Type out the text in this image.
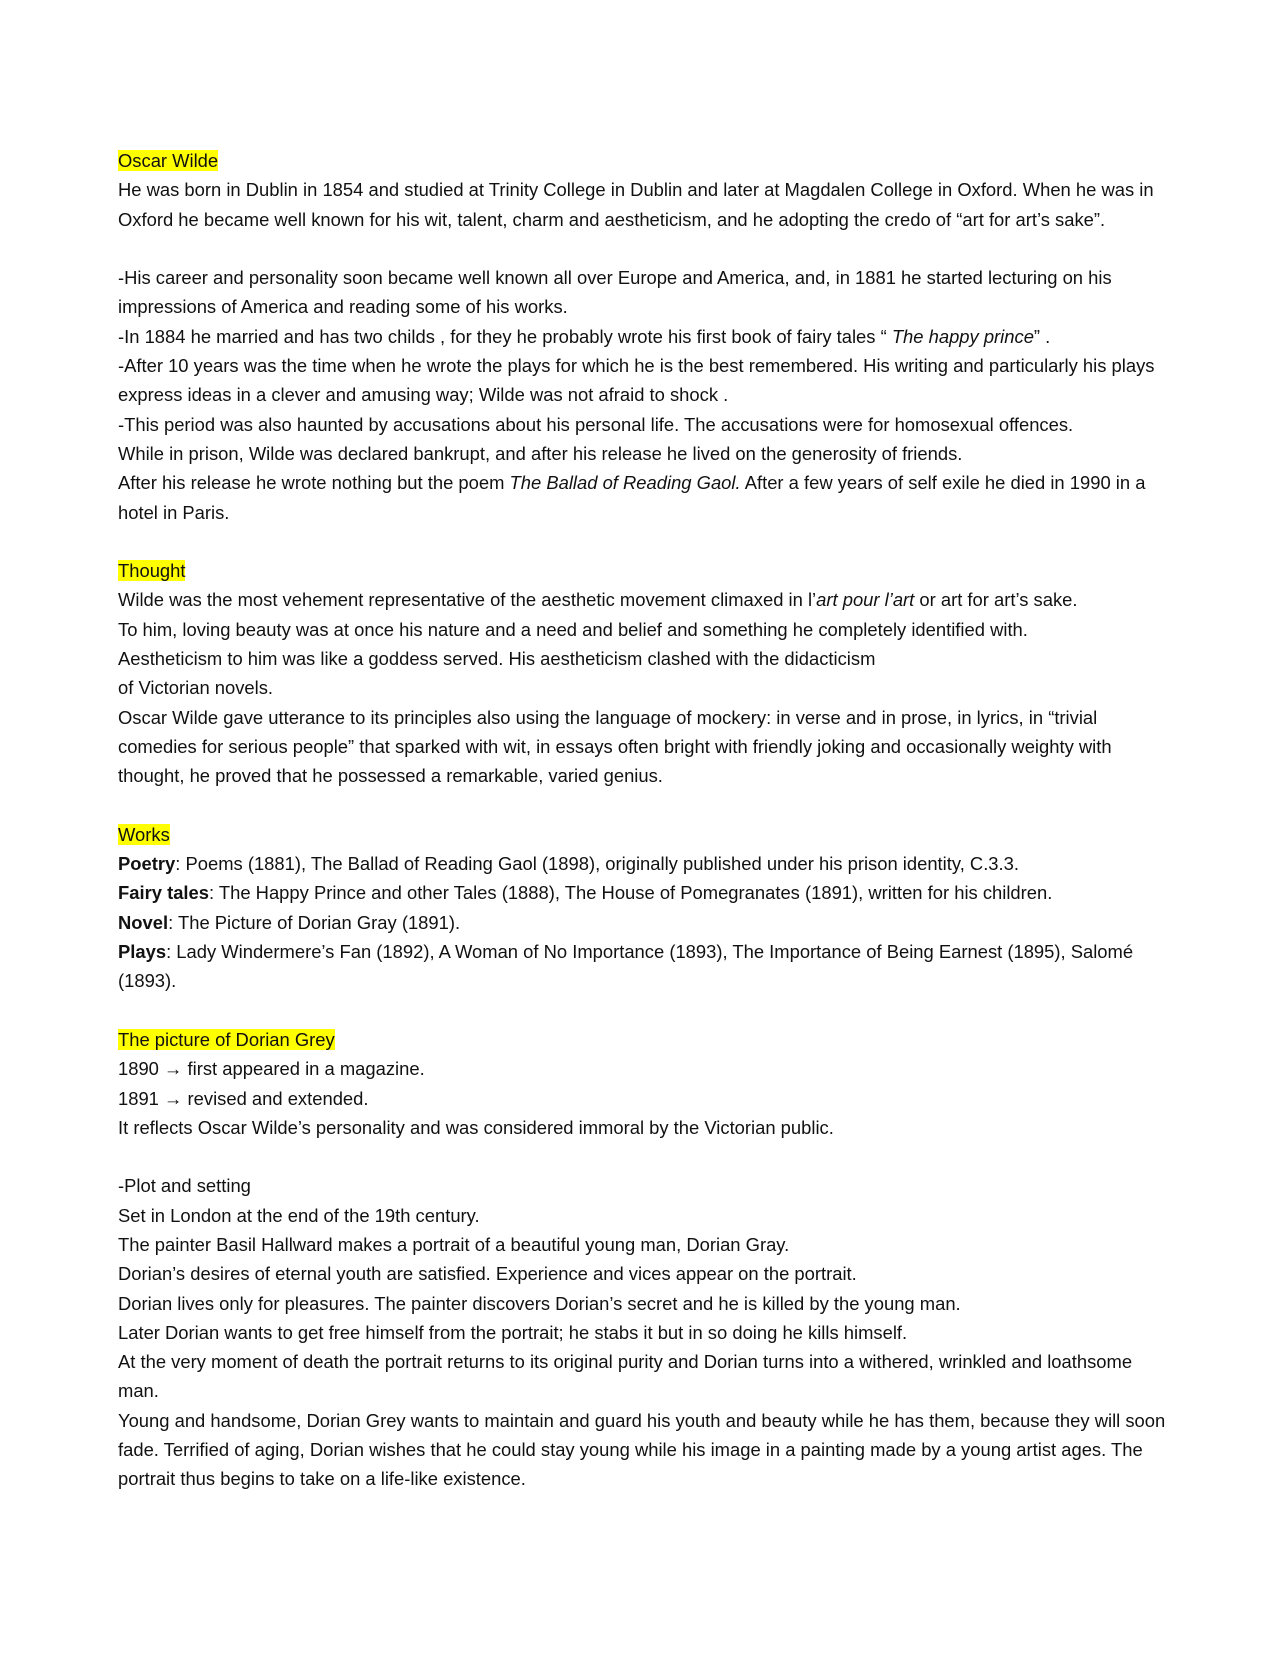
Oscar Wilde

He was born in Dublin in 1854 and studied at Trinity College in Dublin and later at Magdalen College in Oxford. When he was in Oxford he became well known for his wit, talent, charm and aestheticism, and he adopting the credo of “art for art’s sake”.

-His career and personality soon became well known all over Europe and America, and, in 1881 he started lecturing on his impressions of America and reading some of his works.

-In 1884 he married and has two childs , for they he probably wrote his first book of fairy tales “ The happy prince” .

-After 10 years was the time when he wrote the plays for which he is the best remembered. His writing and particularly his plays express ideas in a clever and amusing way; Wilde was not afraid to shock .

-This period was also haunted by accusations about his personal life. The accusations were for homosexual offences.

While in prison, Wilde was declared bankrupt, and after his release he lived on the generosity of friends.

After his release he wrote nothing but the poem The Ballad of Reading Gaol. After a few years of self exile he died in 1990 in a hotel in Paris.

Thought

Wilde was the most vehement representative of the aesthetic movement climaxed in l’art pour l’art or art for art’s sake.

To him, loving beauty was at once his nature and a need and belief and something he completely identified with.

Aestheticism to him was like a goddess served. His aestheticism clashed with the didacticism

of Victorian novels.

Oscar Wilde gave utterance to its principles also using the language of mockery: in verse and in prose, in lyrics, in “trivial comedies for serious people” that sparked with wit, in essays often bright with friendly joking and occasionally weighty with thought, he proved that he possessed a remarkable, varied genius.

Works

Poetry: Poems (1881), The Ballad of Reading Gaol (1898), originally published under his prison identity, C.3.3.

Fairy tales: The Happy Prince and other Tales (1888), The House of Pomegranates (1891), written for his children.

Novel: The Picture of Dorian Gray (1891).

Plays: Lady Windermere’s Fan (1892), A Woman of No Importance (1893), The Importance of Being Earnest (1895), Salomé (1893).

The picture of Dorian Grey

1890 → first appeared in a magazine.

1891 → revised and extended.

It reflects Oscar Wilde’s personality and was considered immoral by the Victorian public.

-Plot and setting

Set in London at the end of the 19th century.

The painter Basil Hallward makes a portrait of a beautiful young man, Dorian Gray.

Dorian’s desires of eternal youth are satisfied. Experience and vices appear on the portrait.

Dorian lives only for pleasures. The painter discovers Dorian’s secret and he is killed by the young man.

Later Dorian wants to get free himself from the portrait; he stabs it but in so doing he kills himself.

At the very moment of death the portrait returns to its original purity and Dorian turns into a withered, wrinkled and loathsome man.

Young and handsome, Dorian Grey wants to maintain and guard his youth and beauty while he has them, because they will soon fade. Terrified of aging, Dorian wishes that he could stay young while his image in a painting made by a young artist ages. The portrait thus begins to take on a life-like existence.
